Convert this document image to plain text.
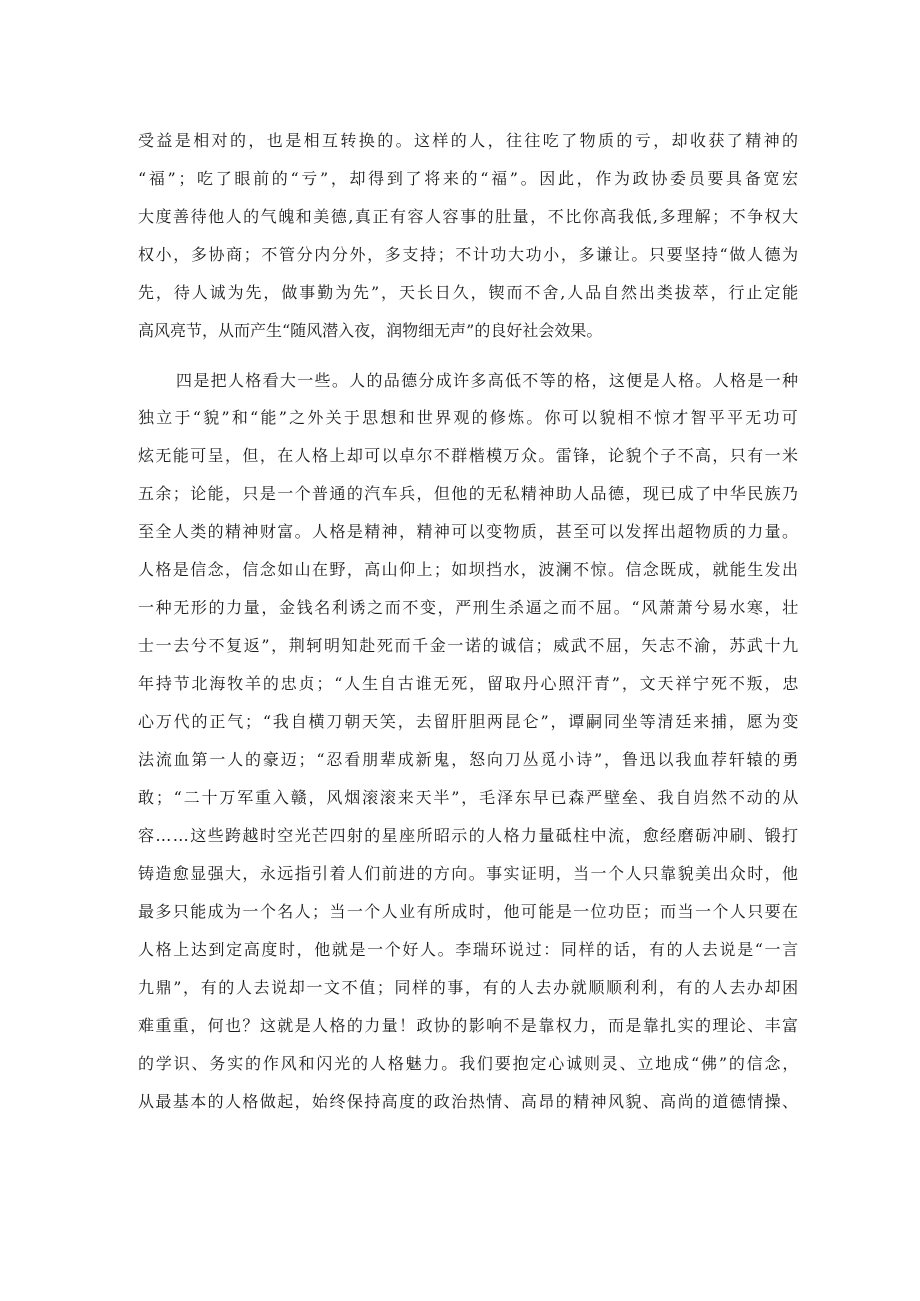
受益是相对的，也是相互转换的。这样的人，往往吃了物质的亏，却收获了精神的
“福”；吃了眼前的“亏”，却得到了将来的“福”。因此，作为政协委员要具备宽宏
大度善待他人的气魄和美德,真正有容人容事的肚量，不比你高我低,多理解；不争权大
权小，多协商；不管分内分外，多支持；不计功大功小，多谦让。只要坚持“做人德为
先，待人诚为先，做事勤为先”，天长日久，锲而不舍,人品自然出类拔萃，行止定能
高风亮节，从而产生“随风潜入夜，润物细无声”的良好社会效果。
四是把人格看大一些。人的品德分成许多高低不等的格，这便是人格。人格是一种
独立于“貌”和“能”之外关于思想和世界观的修炼。你可以貌相不惊才智平平无功可
炫无能可呈，但，在人格上却可以卓尔不群楷模万众。雷锋，论貌个子不高，只有一米
五余；论能，只是一个普通的汽车兵，但他的无私精神助人品德，现已成了中华民族乃
至全人类的精神财富。人格是精神，精神可以变物质，甚至可以发挥出超物质的力量。
人格是信念，信念如山在野，高山仰上；如坝挡水，波澜不惊。信念既成，就能生发出
一种无形的力量，金钱名利诱之而不变，严刑生杀逼之而不屈。“风萧萧兮易水寒，壮
士一去兮不复返”，荆轲明知赴死而千金一诺的诚信；威武不屈，矢志不渝，苏武十九
年持节北海牧羊的忠贞；“人生自古谁无死，留取丹心照汗青”，文天祥宁死不叛，忠
心万代的正气；“我自横刀朝天笑，去留肝胆两昆仑”，谭嗣同坐等清廷来捕，愿为变
法流血第一人的豪迈；“忍看朋辈成新鬼，怒向刀丛觅小诗”，鲁迅以我血荐轩辕的勇
敢；“二十万军重入赣，风烟滚滚来天半”，毛泽东早已森严壁垒、我自岿然不动的从
容……这些跨越时空光芒四射的星座所昭示的人格力量砥柱中流，愈经磨砺冲刷、锻打
铸造愈显强大，永远指引着人们前进的方向。事实证明，当一个人只靠貌美出众时，他
最多只能成为一个名人；当一个人业有所成时，他可能是一位功臣；而当一个人只要在
人格上达到定高度时，他就是一个好人。李瑞环说过：同样的话，有的人去说是“一言
九鼎”，有的人去说却一文不值；同样的事，有的人去办就顺顺利利，有的人去办却困
难重重，何也？这就是人格的力量！政协的影响不是靠权力，而是靠扎实的理论、丰富
的学识、务实的作风和闪光的人格魅力。我们要抱定心诚则灵、立地成“佛”的信念，
从最基本的人格做起，始终保持高度的政治热情、高昂的精神风貌、高尚的道德情操、
